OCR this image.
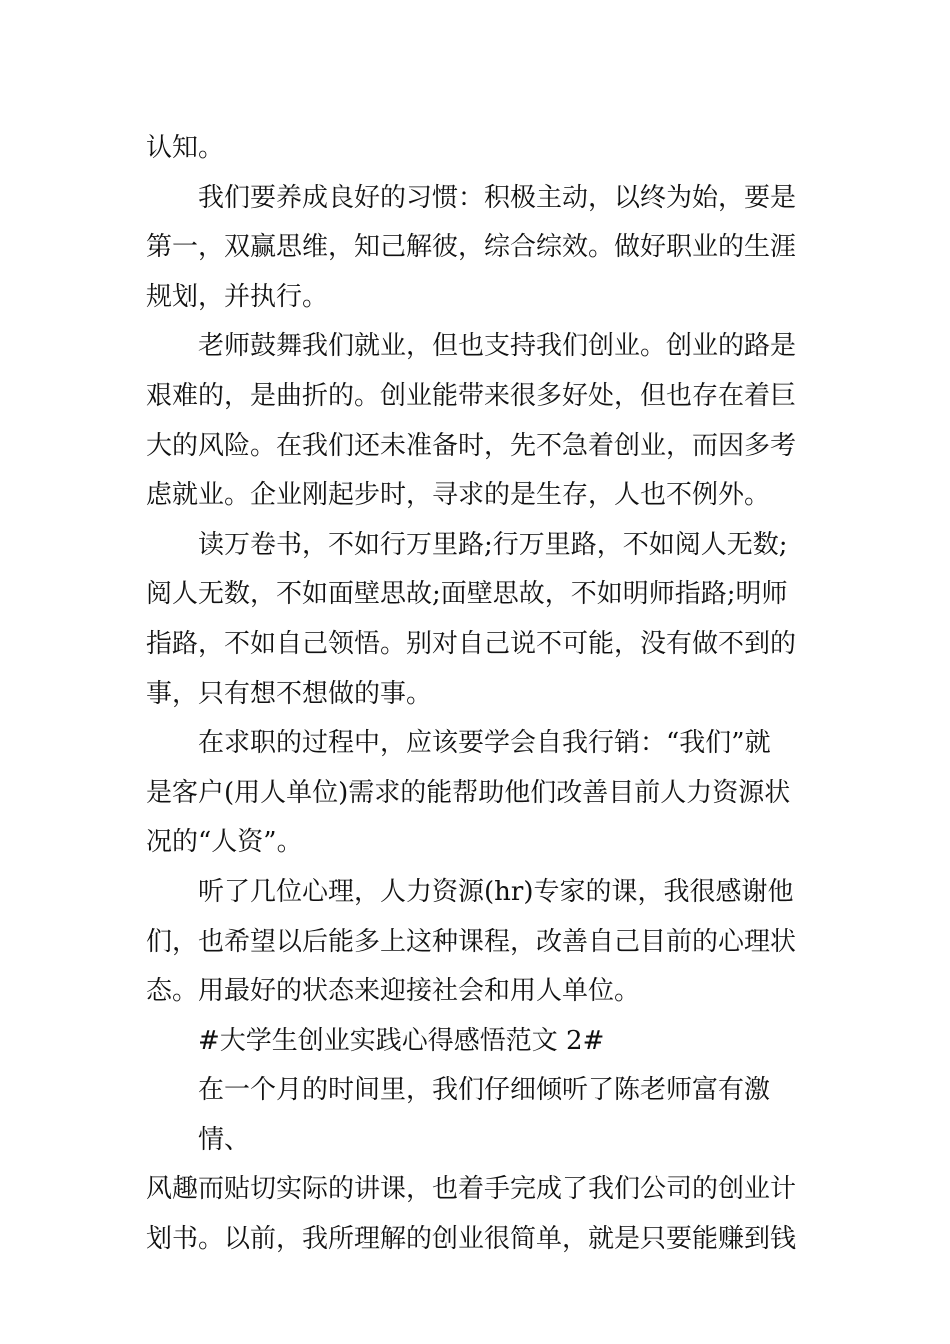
认知。
我们要养成良好的习惯：积极主动，以终为始，要是
第一，双赢思维，知己解彼，综合综效。做好职业的生涯
规划，并执行。
老师鼓舞我们就业，但也支持我们创业。创业的路是
艰难的，是曲折的。创业能带来很多好处，但也存在着巨
大的风险。在我们还未准备时，先不急着创业，而因多考
虑就业。企业刚起步时，寻求的是生存，人也不例外。
读万卷书，不如行万里路;行万里路，不如阅人无数;
阅人无数，不如面壁思故;面壁思故，不如明师指路;明师
指路，不如自己领悟。别对自己说不可能，没有做不到的
事，只有想不想做的事。
在求职的过程中，应该要学会自我行销：“我们”就
是客户(用人单位)需求的能帮助他们改善目前人力资源状
况的“人资”。
听了几位心理，人力资源(hr)专家的课，我很感谢他
们，也希望以后能多上这种课程，改善自己目前的心理状
态。用最好的状态来迎接社会和用人单位。
#大学生创业实践心得感悟范文 2#
在一个月的时间里，我们仔细倾听了陈老师富有激情、
风趣而贴切实际的讲课，也着手完成了我们公司的创业计
划书。以前，我所理解的创业很简单，就是只要能赚到钱
